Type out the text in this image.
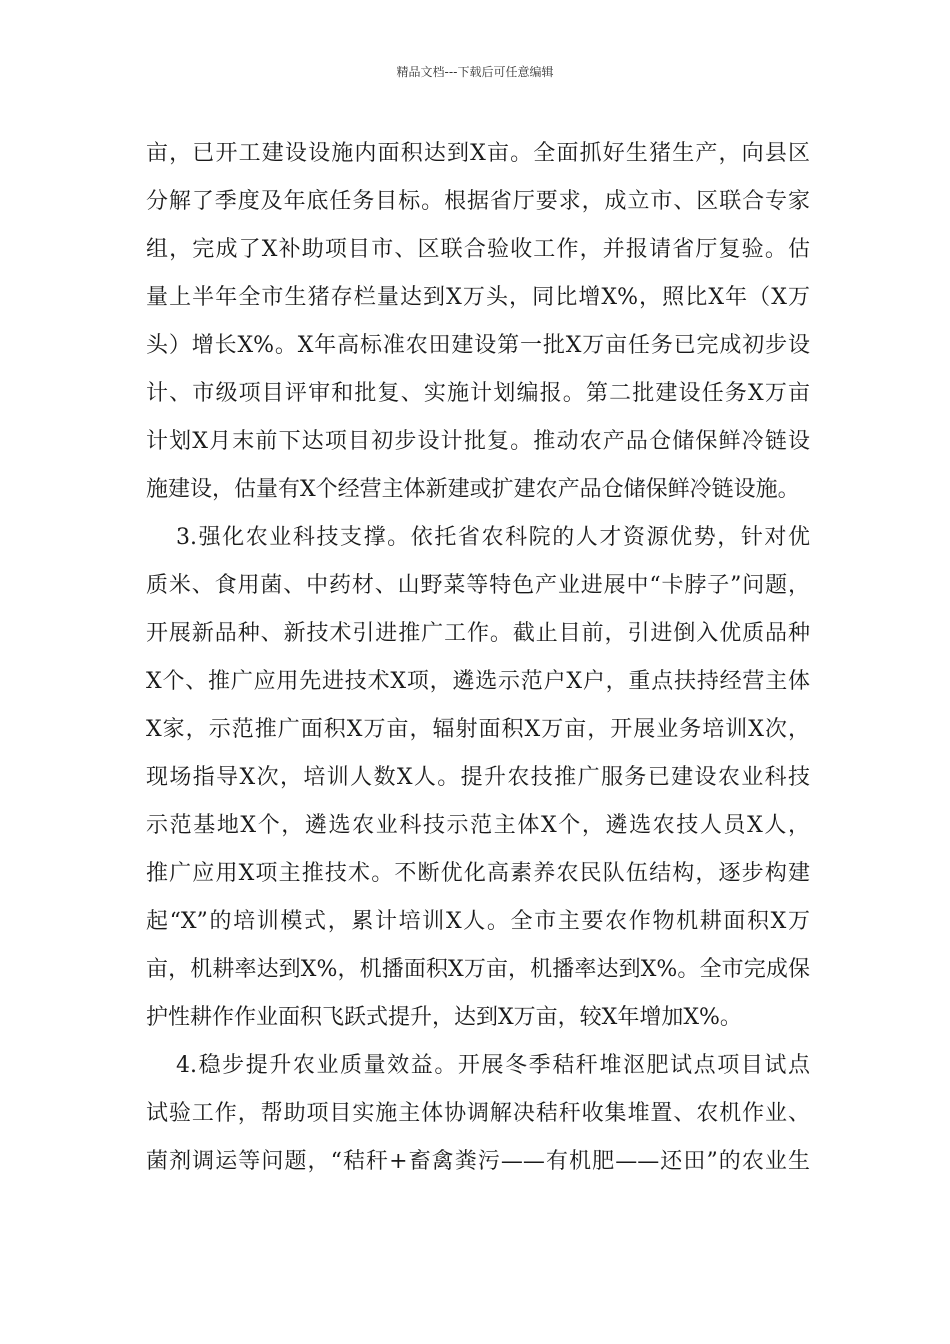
精品文档---下载后可任意编辑
亩，已开工建设设施内面积达到X亩。全面抓好生猪生产，向县区
分解了季度及年底任务目标。根据省厅要求，成立市、区联合专家
组，完成了X补助项目市、区联合验收工作，并报请省厅复验。估
量上半年全市生猪存栏量达到X万头，同比增X%，照比X年（X万
头）增长X%。X年高标准农田建设第一批X万亩任务已完成初步设
计、市级项目评审和批复、实施计划编报。第二批建设任务X万亩
计划X月末前下达项目初步设计批复。推动农产品仓储保鲜冷链设
施建设，估量有X个经营主体新建或扩建农产品仓储保鲜冷链设施。
3.强化农业科技支撑。依托省农科院的人才资源优势，针对优
质米、食用菌、中药材、山野菜等特色产业进展中“卡脖子”问题，
开展新品种、新技术引进推广工作。截止目前，引进倒入优质品种
X个、推广应用先进技术X项，遴选示范户X户，重点扶持经营主体
X家，示范推广面积X万亩，辐射面积X万亩，开展业务培训X次，
现场指导X次，培训人数X人。提升农技推广服务已建设农业科技
示范基地X个，遴选农业科技示范主体X个，遴选农技人员X人，
推广应用X项主推技术。不断优化高素养农民队伍结构，逐步构建
起“X”的培训模式，累计培训X人。全市主要农作物机耕面积X万
亩，机耕率达到X%，机播面积X万亩，机播率达到X%。全市完成保
护性耕作作业面积飞跃式提升，达到X万亩，较X年增加X%。
4.稳步提升农业质量效益。开展冬季秸秆堆沤肥试点项目试点
试验工作，帮助项目实施主体协调解决秸秆收集堆置、农机作业、
菌剂调运等问题，“秸秆+畜禽粪污——有机肥——还田”的农业生
